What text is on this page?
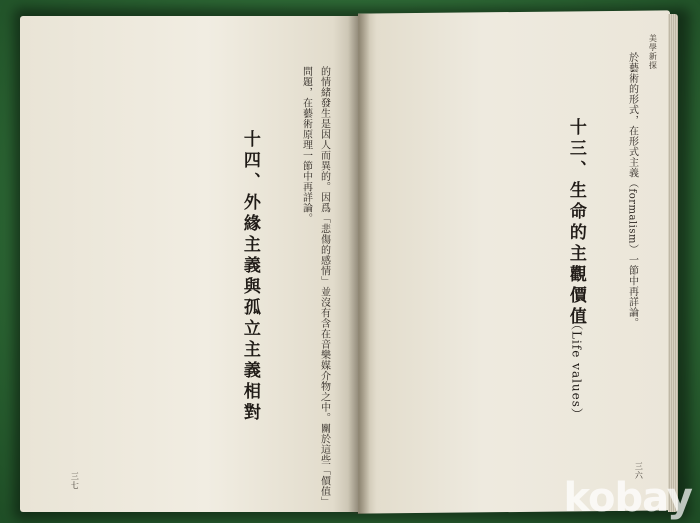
的情緒發生是因人而異的。因爲「悲傷的感情」並沒有含在音樂媒介物之中。關於這些「價值」
問題，在藝術原理一節中再詳論。
十四、外緣主義與孤立主義相對
三七
美學新探
於藝術的形式，在形式主義（formalism）一節中再詳論。
十三、生命的主觀價值
（Life values）
三六
kobay
